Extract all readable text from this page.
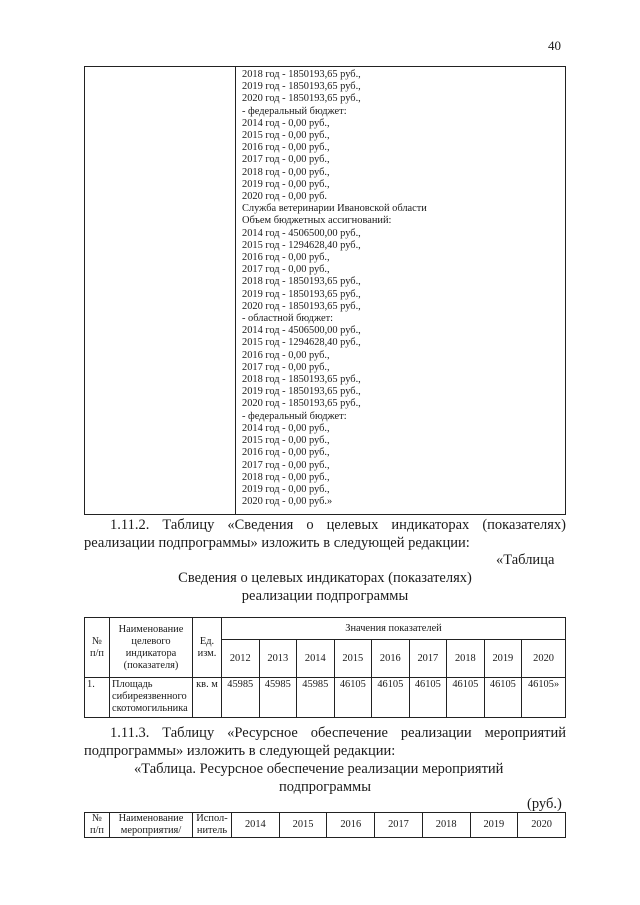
40
2018 год - 1850193,65 руб.,
2019 год - 1850193,65 руб.,
2020 год - 1850193,65 руб.,
- федеральный бюджет:
2014 год - 0,00 руб.,
2015 год - 0,00 руб.,
2016 год - 0,00 руб.,
2017 год - 0,00 руб.,
2018 год - 0,00 руб.,
2019 год - 0,00 руб.,
2020 год - 0,00 руб.
Служба ветеринарии Ивановской области
Объем бюджетных ассигнований:
2014 год - 4506500,00 руб.,
2015 год - 1294628,40 руб.,
2016 год - 0,00 руб.,
2017 год - 0,00 руб.,
2018 год - 1850193,65 руб.,
2019 год - 1850193,65 руб.,
2020 год - 1850193,65 руб.,
- областной бюджет:
2014 год - 4506500,00 руб.,
2015 год - 1294628,40 руб.,
2016 год - 0,00 руб.,
2017 год - 0,00 руб.,
2018 год - 1850193,65 руб.,
2019 год - 1850193,65 руб.,
2020 год - 1850193,65 руб.,
- федеральный бюджет:
2014 год - 0,00 руб.,
2015 год - 0,00 руб.,
2016 год - 0,00 руб.,
2017 год - 0,00 руб.,
2018 год - 0,00 руб.,
2019 год - 0,00 руб.,
2020 год - 0,00 руб.»
1.11.2. Таблицу «Сведения о целевых индикаторах (показателях)
реализации подпрограммы» изложить в следующей редакции:
«Таблица
Сведения о целевых индикаторах (показателях)
реализации подпрограммы
№ п/п	Наименование целевого индикатора (показателя)	Ед. изм.	Значения показателей								
			2012	2013	2014	2015	2016	2017	2018	2019	2020
1.	Площадь сибиреязвенного скотомогильника	кв. м	45985	45985	45985	46105	46105	46105	46105	46105	46105»
1.11.3. Таблицу «Ресурсное обеспечение реализации мероприятий
подпрограммы» изложить в следующей редакции:
«Таблица. Ресурсное обеспечение реализации мероприятий
подпрограммы
(руб.)
№ п/п	Наименование мероприятия/	Испол-нитель	2014	2015	2016	2017	2018	2019	2020
